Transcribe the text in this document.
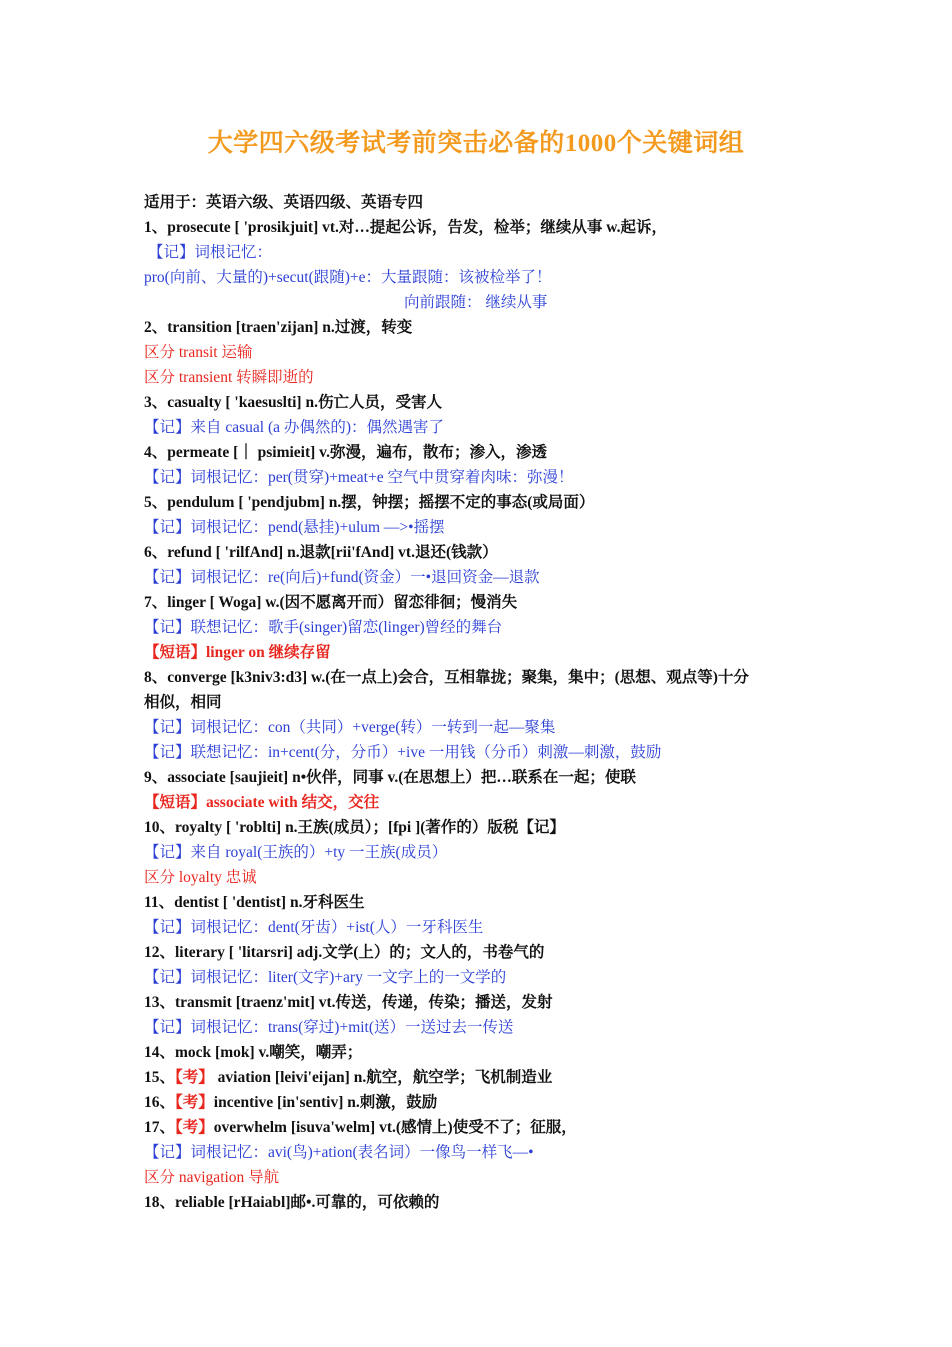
大学四六级考试考前突击必备的1000个关键词组
适用于：英语六级、英语四级、英语专四
1、prosecute [ 'prosikjuit] vt.对…提起公诉，告发，检举；继续从事 w.起诉，
【记】词根记忆：
pro(向前、大量的)+secut(跟随)+e：大量跟随：该被检举了！
向前跟随： 继续从事
2、transition [traen'zijan] n.过渡，转变
区分 transit 运输
区分 transient 转瞬即逝的
3、casualty [ 'kaesuslti] n.伤亡人员，受害人
【记】来自 casual (a 办偶然的)：偶然遇害了
4、permeate [｜ psimieit] v.弥漫，遍布，散布；渗入，渗透
【记】词根记忆：per(贯穿)+meat+e 空气中贯穿着肉味：弥漫！
5、pendulum [ 'pendjubm] n.摆，钟摆；摇摆不定的事态(或局面）
【记】词根记忆：pend(悬挂)+ulum —>•摇摆
6、refund [ 'rilfAnd] n.退款[rii'fAnd] vt.退还(钱款）
【记】词根记忆：re(向后)+fund(资金）一•退回资金—退款
7、linger [ Woga] w.(因不愿离开而）留恋徘徊；慢消失
【记】联想记忆：歌手(singer)留恋(linger)曾经的舞台
【短语】linger on 继续存留
8、converge [k3niv3:d3] w.(在一点上)会合，互相靠拢；聚集，集中；(思想、观点等)十分
相似，相同
【记】词根记忆：con（共同）+verge(转）一转到一起—聚集
【记】联想记忆：in+cent(分，分币）+ive 一用钱（分币）刺激—刺激，鼓励
9、associate [saujieit] n•伙伴，同事 v.(在思想上）把…联系在一起；使联
【短语】associate with 结交，交往
10、royalty [ 'roblti] n.王族(成员）；[fpi ](著作的）版税【记】
【记】来自 royal(王族的）+ty 一王族(成员）
区分 loyalty 忠诚
11、dentist [ 'dentist] n.牙科医生
【记】词根记忆：dent(牙齿）+ist(人）一牙科医生
12、literary [ 'litarsri] adj.文学(上）的；文人的，书卷气的
【记】词根记忆：liter(文字)+ary 一文字上的一文学的
13、transmit [traenz'mit] vt.传送，传递，传染；播送，发射
【记】词根记忆：trans(穿过)+mit(送）一送过去一传送
14、mock [mok] v.嘲笑，嘲弄；
15、【考】 aviation [leivi'eijan] n.航空，航空学；飞机制造业
16、【考】incentive [in'sentiv] n.刺激，鼓励
17、【考】overwhelm [isuva'welm] vt.(感情上)使受不了；征服，
【记】词根记忆：avi(鸟)+ation(表名词）一像鸟一样飞—•
区分 navigation 导航
18、reliable [rHaiabl]邮•.可靠的，可依赖的
